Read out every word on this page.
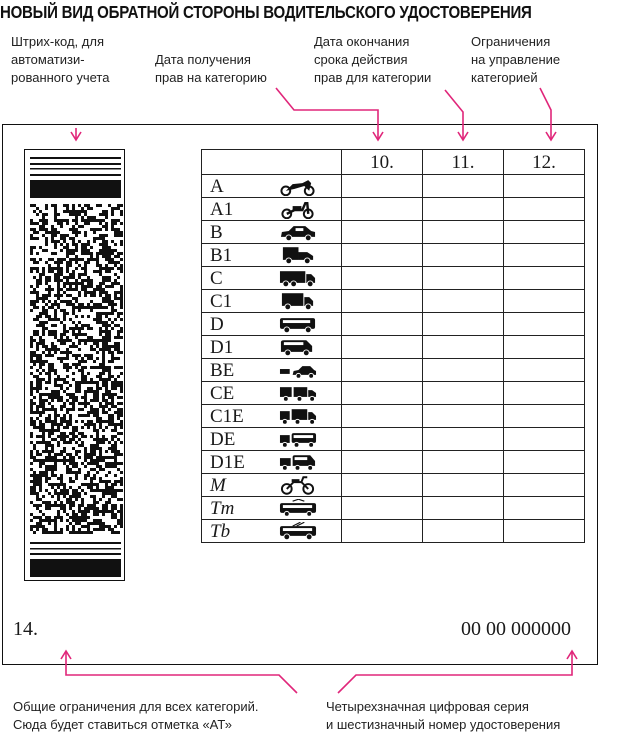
НОВЫЙ ВИД ОБРАТНОЙ СТОРОНЫ ВОДИТЕЛЬСКОГО УДОСТОВЕРЕНИЯ
Штрих-код, для
автоматизи-
рованного учета
Дата получения
прав на категорию
Дата окончания
срока действия
прав для категории
Ограничения
на управление
категорией
Общие ограничения для всех категорий.
Сюда будет ставиться отметка «АТ»
Четырехзначная цифровая серия
и шестизначный номер удостоверения
	10.	11.	12.

A			

A1			

B			

B1			

C			

C1			

D			

D1			

BE			

CE			

C1E			

DE			

D1E			

M			

Tm			

Tb			

14.	00 00 000000
